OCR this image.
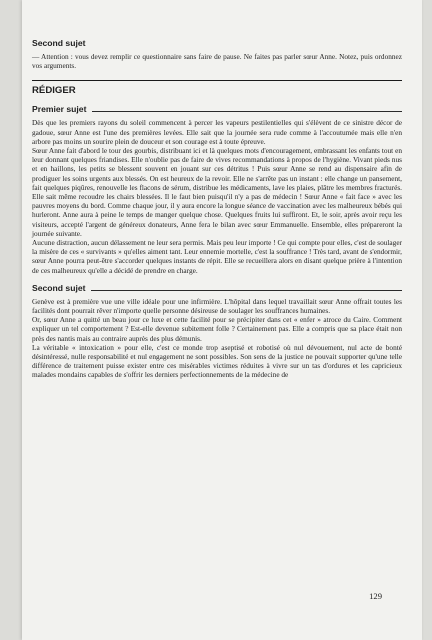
Second sujet

— Attention : vous devez remplir ce questionnaire sans faire de pause. Ne faites pas parler sœur Anne. Notez, puis ordonnez vos arguments.

RÉDIGER
Premier sujet

Dès que les premiers rayons du soleil commencent à percer les vapeurs pestilentielles qui s'élèvent de ce sinistre décor de gadoue, sœur Anne est l'une des premières levées. Elle sait que la journée sera rude comme à l'accoutumée mais elle n'en arbore pas moins un sourire plein de douceur et son courage est à toute épreuve.

Sœur Anne fait d'abord le tour des gourbis, distribuant ici et là quelques mots d'encouragement, embrassant les enfants tout en leur donnant quelques friandises. Elle n'oublie pas de faire de vives recommandations à propos de l'hygiène. Vivant pieds nus et en haillons, les petits se blessent souvent en jouant sur ces détritus ! Puis sœur Anne se rend au dispensaire afin de prodiguer les soins urgents aux blessés. On est heureux de la revoir. Elle ne s'arrête pas un instant : elle change un pansement, fait quelques piqûres, renouvelle les flacons de sérum, distribue les médicaments, lave les plaies, plâtre les membres fracturés. Elle sait même recoudre les chairs blessées. Il le faut bien puisqu'il n'y a pas de médecin ! Sœur Anne « fait face » avec les pauvres moyens du bord. Comme chaque jour, il y aura encore la longue séance de vaccination avec les malheureux bébés qui hurleront. Anne aura à peine le temps de manger quelque chose. Quelques fruits lui suffiront. Et, le soir, après avoir reçu les visiteurs, accepté l'argent de généreux donateurs, Anne fera le bilan avec sœur Emmanuelle. Ensemble, elles prépareront la journée suivante.

Aucune distraction, aucun délassement ne leur sera permis. Mais peu leur importe ! Ce qui compte pour elles, c'est de soulager la misère de ces « survivants » qu'elles aiment tant. Leur ennemie mortelle, c'est la souffrance ! Très tard, avant de s'endormir, sœur Anne pourra peut-être s'accorder quelques instants de répit. Elle se recueillera alors en disant quelque prière à l'intention de ces malheureux qu'elle a décidé de prendre en charge.

Second sujet

Genève est à première vue une ville idéale pour une infirmière. L'hôpital dans lequel travaillait sœur Anne offrait toutes les facilités dont pourrait rêver n'importe quelle personne désireuse de soulager les souffrances humaines.

Or, sœur Anne a quitté un beau jour ce luxe et cette facilité pour se précipiter dans cet « enfer » atroce du Caire. Comment expliquer un tel comportement ? Est-elle devenue subitement folle ? Certainement pas. Elle a compris que sa place était non près des nantis mais au contraire auprès des plus démunis.

La véritable « intoxication » pour elle, c'est ce monde trop aseptisé et robotisé où nul dévouement, nul acte de bonté désintéressé, nulle responsabilité et nul engagement ne sont possibles. Son sens de la justice ne pouvait supporter qu'une telle différence de traitement puisse exister entre ces misérables victimes réduites à vivre sur un tas d'ordures et les capricieux malades mondains capables de s'offrir les derniers perfectionnements de la médecine de

129
